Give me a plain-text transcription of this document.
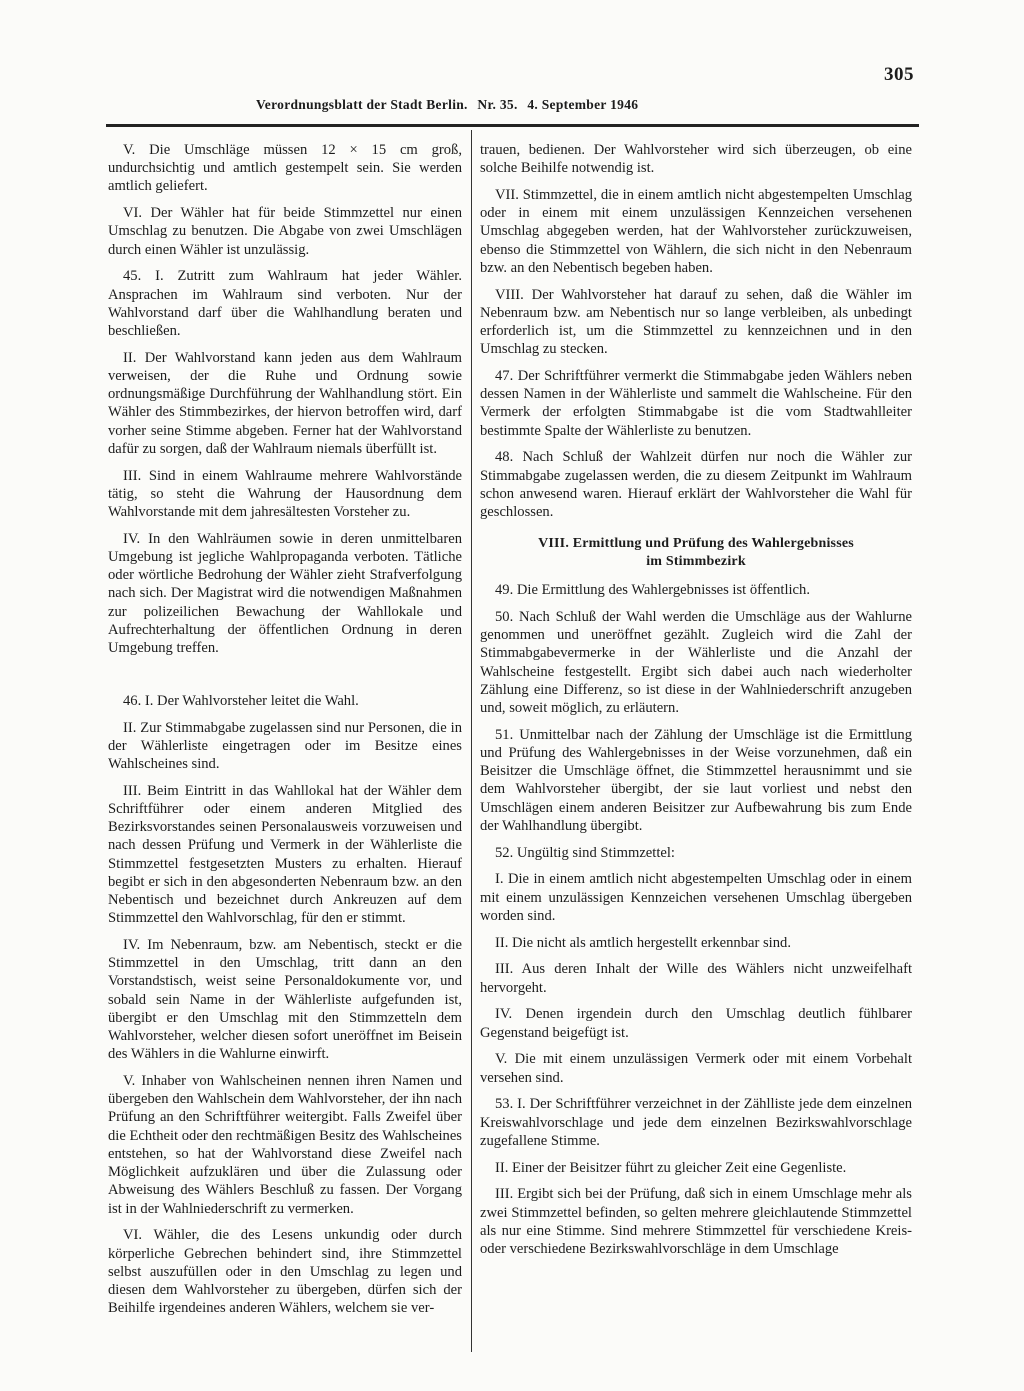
305
Verordnungsblatt der Stadt Berlin. Nr. 35. 4. September 1946

V. Die Umschläge müssen 12 × 15 cm groß, undurchsichtig und amtlich gestempelt sein. Sie werden amtlich geliefert.

VI. Der Wähler hat für beide Stimmzettel nur einen Umschlag zu benutzen. Die Abgabe von zwei Umschlägen durch einen Wähler ist unzulässig.

45. I. Zutritt zum Wahlraum hat jeder Wähler. Ansprachen im Wahlraum sind verboten. Nur der Wahlvorstand darf über die Wahlhandlung beraten und beschließen.

II. Der Wahlvorstand kann jeden aus dem Wahlraum verweisen, der die Ruhe und Ordnung sowie ordnungsmäßige Durchführung der Wahlhandlung stört. Ein Wähler des Stimmbezirkes, der hiervon betroffen wird, darf vorher seine Stimme abgeben. Ferner hat der Wahlvorstand dafür zu sorgen, daß der Wahlraum niemals überfüllt ist.

III. Sind in einem Wahlraume mehrere Wahlvorstände tätig, so steht die Wahrung der Hausordnung dem Wahlvorstande mit dem jahresältesten Vorsteher zu.

IV. In den Wahlräumen sowie in deren unmittelbaren Umgebung ist jegliche Wahlpropaganda verboten. Tätliche oder wörtliche Bedrohung der Wähler zieht Strafverfolgung nach sich. Der Magistrat wird die notwendigen Maßnahmen zur polizeilichen Bewachung der Wahllokale und Aufrechterhaltung der öffentlichen Ordnung in deren Umgebung treffen.

46. I. Der Wahlvorsteher leitet die Wahl.

II. Zur Stimmabgabe zugelassen sind nur Personen, die in der Wählerliste eingetragen oder im Besitze eines Wahlscheines sind.

III. Beim Eintritt in das Wahllokal hat der Wähler dem Schriftführer oder einem anderen Mitglied des Bezirksvorstandes seinen Personalausweis vorzuweisen und nach dessen Prüfung und Vermerk in der Wählerliste die Stimmzettel festgesetzten Musters zu erhalten. Hierauf begibt er sich in den abgesonderten Nebenraum bzw. an den Nebentisch und bezeichnet durch Ankreuzen auf dem Stimmzettel den Wahlvorschlag, für den er stimmt.

IV. Im Nebenraum, bzw. am Nebentisch, steckt er die Stimmzettel in den Umschlag, tritt dann an den Vorstandstisch, weist seine Personaldokumente vor, und sobald sein Name in der Wählerliste aufgefunden ist, übergibt er den Umschlag mit den Stimmzetteln dem Wahlvorsteher, welcher diesen sofort uneröffnet im Beisein des Wählers in die Wahlurne einwirft.

V. Inhaber von Wahlscheinen nennen ihren Namen und übergeben den Wahlschein dem Wahlvorsteher, der ihn nach Prüfung an den Schriftführer weitergibt. Falls Zweifel über die Echtheit oder den rechtmäßigen Besitz des Wahlscheines entstehen, so hat der Wahlvorstand diese Zweifel nach Möglichkeit aufzuklären und über die Zulassung oder Abweisung des Wählers Beschluß zu fassen. Der Vorgang ist in der Wahlniederschrift zu vermerken.

VI. Wähler, die des Lesens unkundig oder durch körperliche Gebrechen behindert sind, ihre Stimmzettel selbst auszufüllen oder in den Umschlag zu legen und diesen dem Wahlvorsteher zu übergeben, dürfen sich der Beihilfe irgendeines anderen Wählers, welchem sie ver-

trauen, bedienen. Der Wahlvorsteher wird sich überzeugen, ob eine solche Beihilfe notwendig ist.

VII. Stimmzettel, die in einem amtlich nicht abgestempelten Umschlag oder in einem mit einem unzulässigen Kennzeichen versehenen Umschlag abgegeben werden, hat der Wahlvorsteher zurückzuweisen, ebenso die Stimmzettel von Wählern, die sich nicht in den Nebenraum bzw. an den Nebentisch begeben haben.

VIII. Der Wahlvorsteher hat darauf zu sehen, daß die Wähler im Nebenraum bzw. am Nebentisch nur so lange verbleiben, als unbedingt erforderlich ist, um die Stimmzettel zu kennzeichnen und in den Umschlag zu stecken.

47. Der Schriftführer vermerkt die Stimmabgabe jeden Wählers neben dessen Namen in der Wählerliste und sammelt die Wahlscheine. Für den Vermerk der erfolgten Stimmabgabe ist die vom Stadtwahlleiter bestimmte Spalte der Wählerliste zu benutzen.

48. Nach Schluß der Wahlzeit dürfen nur noch die Wähler zur Stimmabgabe zugelassen werden, die zu diesem Zeitpunkt im Wahlraum schon anwesend waren. Hierauf erklärt der Wahlvorsteher die Wahl für geschlossen.

VIII. Ermittlung und Prüfung des Wahlergebnisses
im Stimmbezirk

49. Die Ermittlung des Wahlergebnisses ist öffentlich.

50. Nach Schluß der Wahl werden die Umschläge aus der Wahlurne genommen und uneröffnet gezählt. Zugleich wird die Zahl der Stimmabgabevermerke in der Wählerliste und die Anzahl der Wahlscheine festgestellt. Ergibt sich dabei auch nach wiederholter Zählung eine Differenz, so ist diese in der Wahlniederschrift anzugeben und, soweit möglich, zu erläutern.

51. Unmittelbar nach der Zählung der Umschläge ist die Ermittlung und Prüfung des Wahlergebnisses in der Weise vorzunehmen, daß ein Beisitzer die Umschläge öffnet, die Stimmzettel herausnimmt und sie dem Wahlvorsteher übergibt, der sie laut vorliest und nebst den Umschlägen einem anderen Beisitzer zur Aufbewahrung bis zum Ende der Wahlhandlung übergibt.

52. Ungültig sind Stimmzettel:

I. Die in einem amtlich nicht abgestempelten Umschlag oder in einem mit einem unzulässigen Kennzeichen versehenen Umschlag übergeben worden sind.

II. Die nicht als amtlich hergestellt erkennbar sind.

III. Aus deren Inhalt der Wille des Wählers nicht unzweifelhaft hervorgeht.

IV. Denen irgendein durch den Umschlag deutlich fühlbarer Gegenstand beigefügt ist.

V. Die mit einem unzulässigen Vermerk oder mit einem Vorbehalt versehen sind.

53. I. Der Schriftführer verzeichnet in der Zählliste jede dem einzelnen Kreiswahlvorschlage und jede dem einzelnen Bezirkswahlvorschlage zugefallene Stimme.

II. Einer der Beisitzer führt zu gleicher Zeit eine Gegenliste.

III. Ergibt sich bei der Prüfung, daß sich in einem Umschlage mehr als zwei Stimmzettel befinden, so gelten mehrere gleichlautende Stimmzettel als nur eine Stimme. Sind mehrere Stimmzettel für verschiedene Kreis- oder verschiedene Bezirkswahlvorschläge in dem Umschlage
